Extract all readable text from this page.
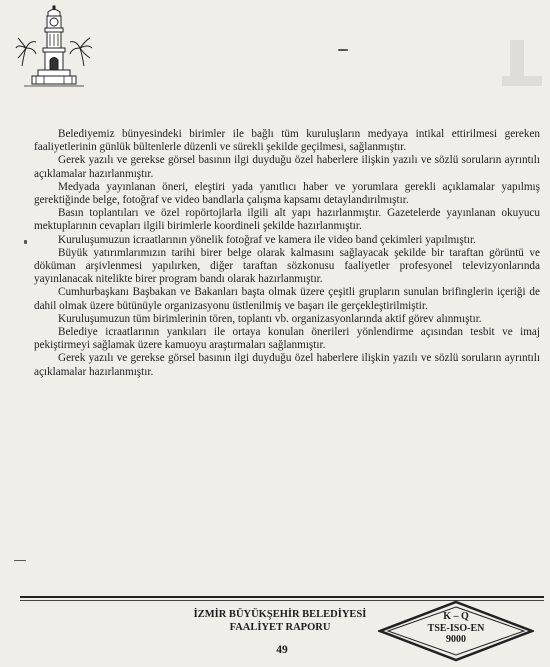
Belediyemiz bünyesindeki birimler ile bağlı tüm kuruluşların medyaya intikal ettirilmesi gereken faaliyetlerinin günlük bültenlerle düzenli ve sürekli şekilde geçilmesi, sağlanmıştır.

Gerek yazılı ve gerekse görsel basının ilgi duyduğu özel haberlere ilişkin yazılı ve sözlü soruların ayrıntılı açıklamalar hazırlanmıştır.

Medyada yayınlanan öneri, eleştiri yada yanıtlıcı haber ve yorumlara gerekli açıklamalar yapılmış gerektiğinde belge, fotoğraf ve video bandlarla çalışma kapsamı detaylandırılmıştır.

Basın toplantıları ve özel ropörtojlarla ilgili alt yapı hazırlanmıştır. Gazetelerde yayınlanan okuyucu mektuplarının cevapları ilgili birimlerle koordineli şekilde hazırlanmıştır.

Kuruluşumuzun icraatlarının yönelik fotoğraf ve kamera ile video band çekimleri yapılmıştır.

Büyük yatırımlarımızın tarihi birer belge olarak kalmasını sağlayacak şekilde bir taraftan görüntü ve döküman arşivlenmesi yapılırken, diğer taraftan sözkonusu faaliyetler profesyonel televizyonlarında yayınlanacak nitelikte birer program bandı olarak hazırlanmıştır.

Cumhurbaşkanı Başbakan ve Bakanları başta olmak üzere çeşitli grupların sunulan brifinglerin içeriği de dahil olmak üzere bütünüyle organizasyonu üstlenilmiş ve başarı ile gerçekleştirilmiştir.

Kuruluşumuzun tüm birimlerinin tören, toplantı vb. organizasyonlarında aktif görev alınmıştır.

Belediye icraatlarının yankıları ile ortaya konulan önerileri yönlendirme açısından tesbit ve imaj pekiştirmeyi sağlamak üzere kamuoyu araştırmaları sağlanmıştır.

Gerek yazılı ve gerekse görsel basının ilgi duyduğu özel haberlere ilişkin yazılı ve sözlü soruların ayrıntılı açıklamalar hazırlanmıştır.

İZMİR BÜYÜKŞEHİR BELEDİYESİ
FAALİYET RAPORU
49
K – Q
TSE-ISO-EN
9000
